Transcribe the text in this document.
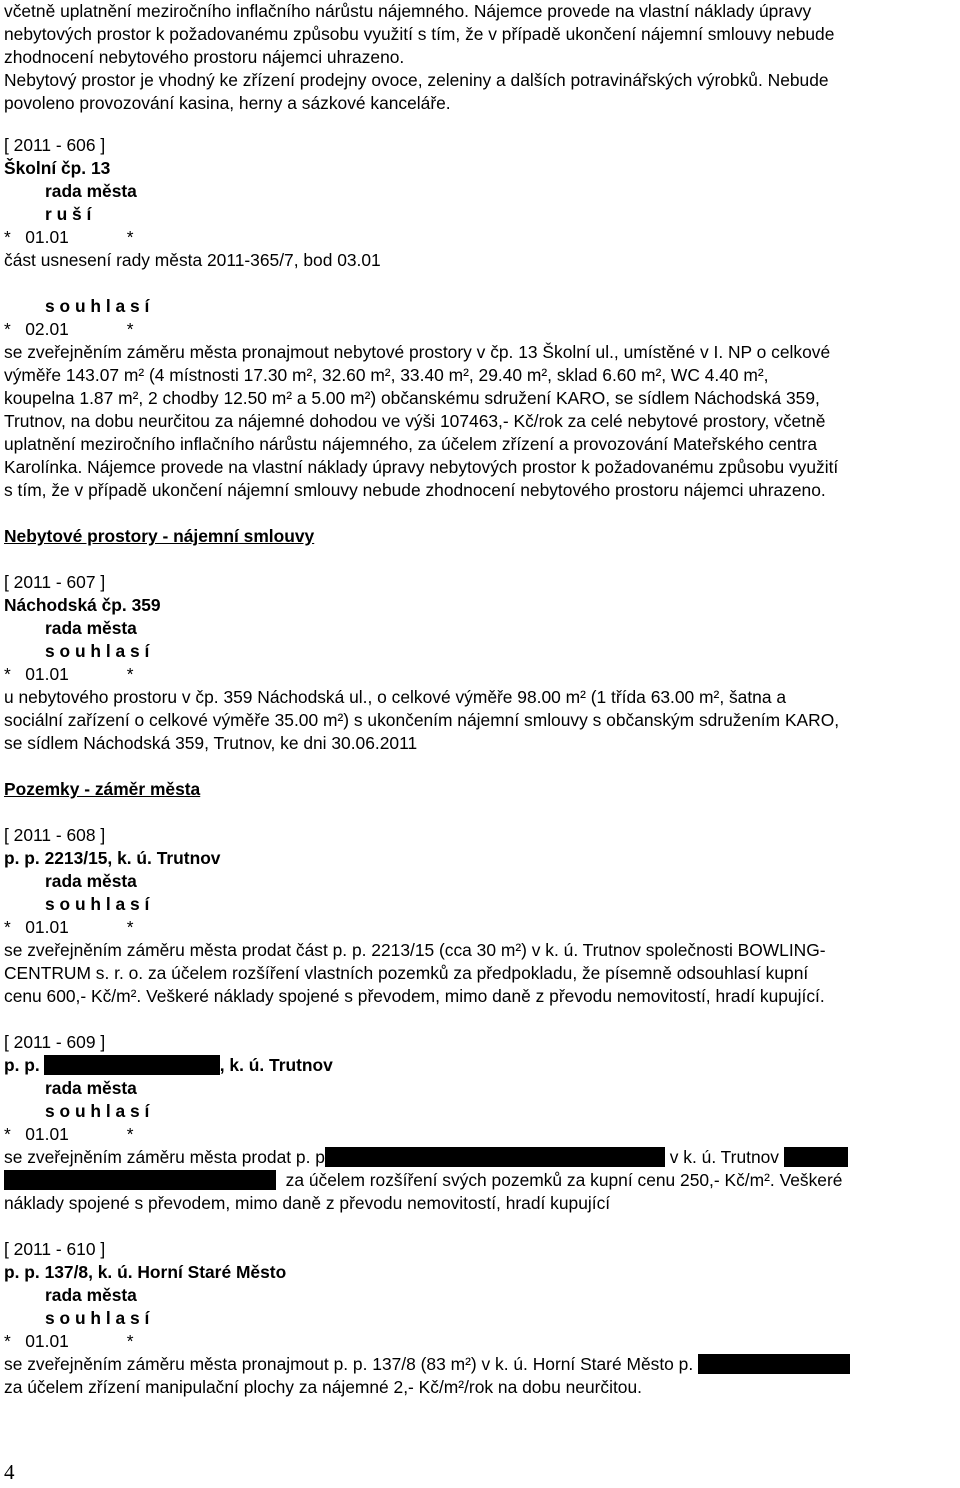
včetně uplatnění meziročního inflačního nárůstu nájemného. Nájemce provede na vlastní náklady úpravy
nebytových prostor k požadovanému způsobu využití s tím, že v případě ukončení nájemní smlouvy nebude
zhodnocení nebytového prostoru nájemci uhrazeno.
Nebytový prostor je vhodný ke zřízení prodejny ovoce, zeleniny a dalších potravinářských výrobků. Nebude
povoleno provozování kasina, herny a sázkové kanceláře.
[ 2011 - 606 ]
Školní čp. 13
rada města
r u š í
*   01.01            *
část usnesení rady města 2011-365/7, bod 03.01
s o u h l a s í
*   02.01            *
se zveřejněním záměru města pronajmout nebytové prostory v čp. 13 Školní ul., umístěné v I. NP o celkové
výměře 143.07 m² (4 místnosti 17.30 m², 32.60 m², 33.40 m², 29.40 m², sklad 6.60 m², WC 4.40 m²,
koupelna 1.87 m², 2 chodby 12.50 m² a 5.00 m²) občanskému sdružení KARO, se sídlem Náchodská 359,
Trutnov, na dobu neurčitou za nájemné dohodou ve výši 107463,- Kč/rok za celé nebytové prostory, včetně
uplatnění meziročního inflačního nárůstu nájemného, za účelem zřízení a provozování Mateřského centra
Karolínka. Nájemce provede na vlastní náklady úpravy nebytových prostor k požadovanému způsobu využití
s tím, že v případě ukončení nájemní smlouvy nebude zhodnocení nebytového prostoru nájemci uhrazeno.
Nebytové prostory - nájemní smlouvy
[ 2011 - 607 ]
Náchodská čp. 359
rada města
s o u h l a s í
*   01.01            *
u nebytového prostoru v čp. 359 Náchodská ul., o celkové výměře 98.00 m² (1 třída 63.00 m², šatna a
sociální zařízení o celkové výměře 35.00 m²) s ukončením nájemní smlouvy s občanským sdružením KARO,
se sídlem Náchodská 359, Trutnov, ke dni 30.06.2011
Pozemky - záměr města
[ 2011 - 608 ]
p. p. 2213/15, k. ú. Trutnov
rada města
s o u h l a s í
*   01.01            *
se zveřejněním záměru města prodat část p. p. 2213/15 (cca 30 m²) v k. ú. Trutnov společnosti BOWLING-
CENTRUM s. r. o. za účelem rozšíření vlastních pozemků za předpokladu, že písemně odsouhlasí kupní
cenu 600,- Kč/m². Veškeré náklady spojené s převodem, mimo daně z převodu nemovitostí, hradí kupující.
[ 2011 - 609 ]
p. p.	, k. ú. Trutnov
rada města
s o u h l a s í
*   01.01            *
se zveřejněním záměru města prodat p. p	v k. ú. Trutnov
za účelem rozšíření svých pozemků za kupní cenu 250,- Kč/m². Veškeré
náklady spojené s převodem, mimo daně z převodu nemovitostí, hradí kupující
[ 2011 - 610 ]
p. p. 137/8, k. ú. Horní Staré Město
rada města
s o u h l a s í
*   01.01            *
se zveřejněním záměru města pronajmout p. p. 137/8 (83 m²) v k. ú. Horní Staré Město p.
za účelem zřízení manipulační plochy za nájemné 2,- Kč/m²/rok na dobu neurčitou.
4
